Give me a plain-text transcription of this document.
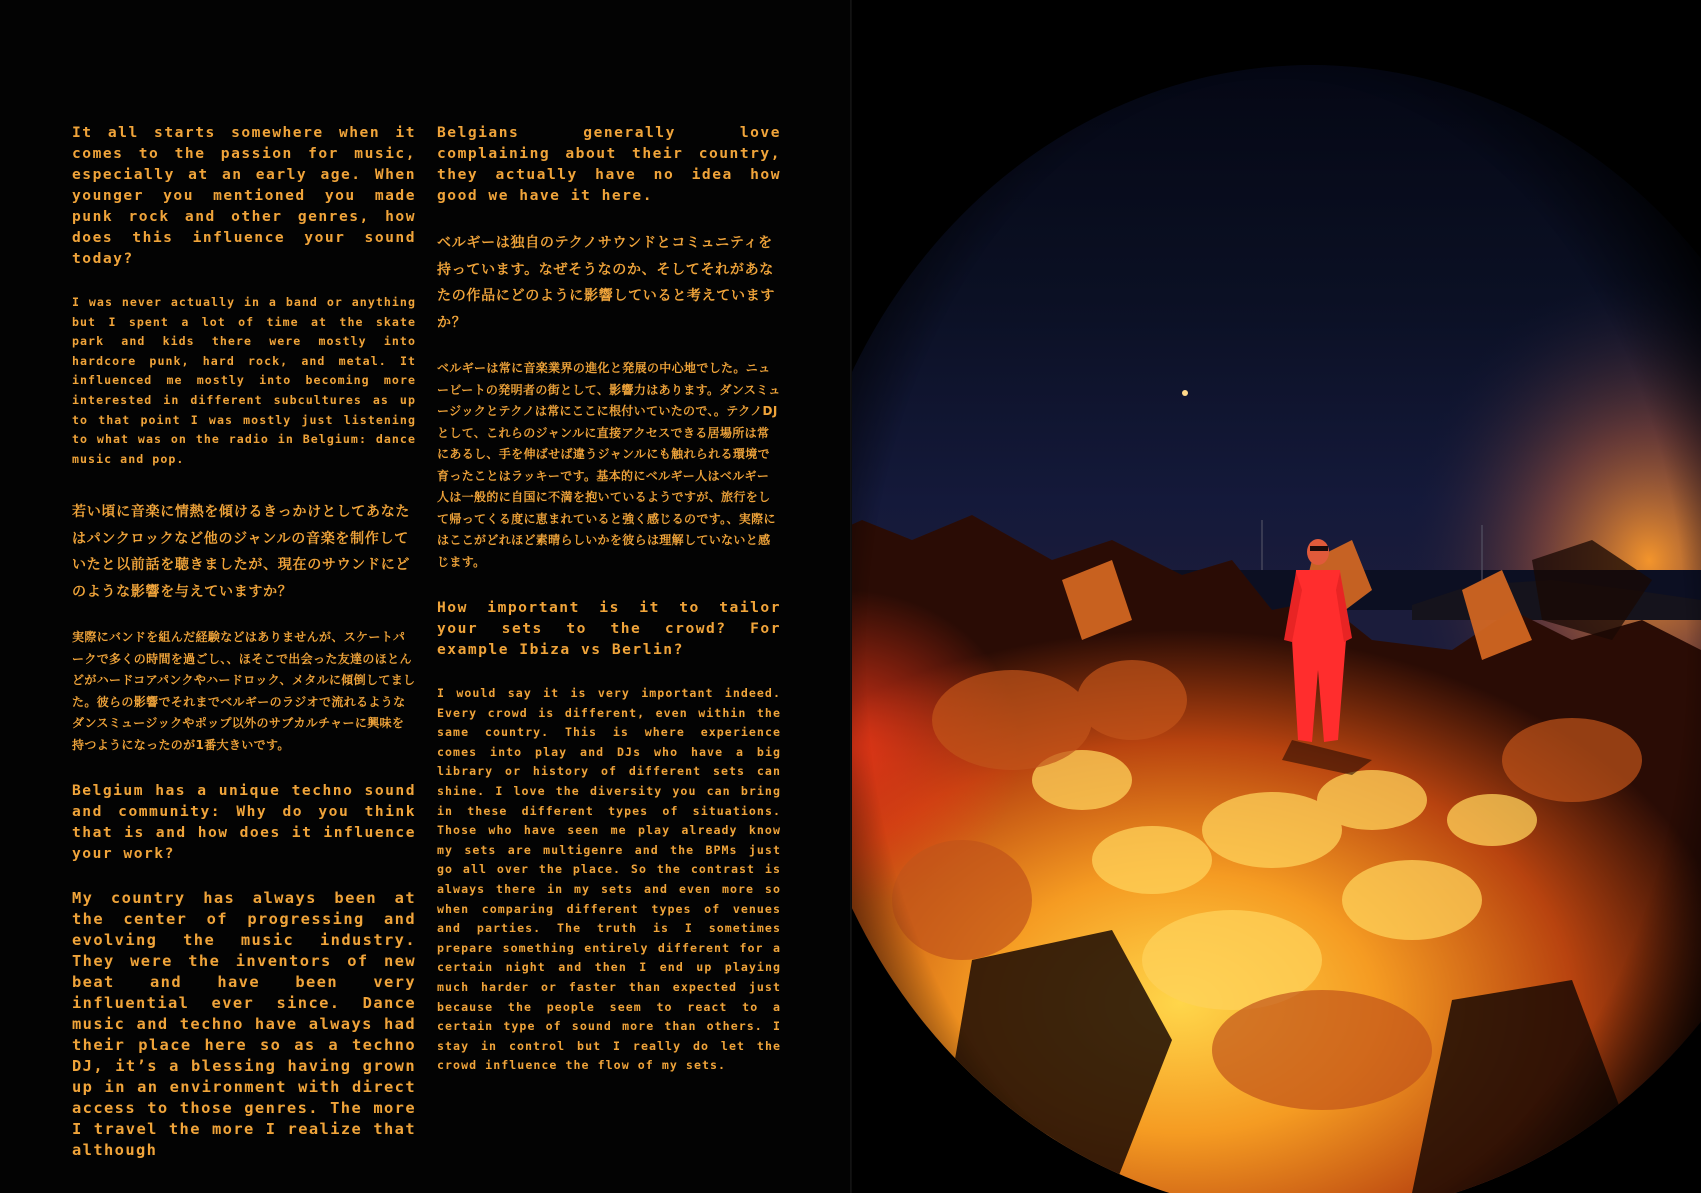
It all starts somewhere when it comes to the passion for music, especially at an early age. When younger you mentioned you made punk rock and other genres, how does this influence your sound today?

I was never actually in a band or anything but I spent a lot of time at the skate park and kids there were mostly into hardcore punk, hard rock, and metal. It influenced me mostly into becoming more interested in different subcultures as up to that point I was mostly just listening to what was on the radio in Belgium: dance music and pop.

若い頃に音楽に情熱を傾けるきっかけとしてあなたはパンクロックなど他のジャンルの音楽を制作していたと以前話を聴きましたが、現在のサウンドにどのような影響を与えていますか？

実際にバンドを組んだ経験などはありませんが、スケートパークで多くの時間を過ごし、、ほそこで出会った友達のほとんどがハードコアパンクやハードロック、メタルに傾倒してました。彼らの影響でそれまでベルギーのラジオで流れるようなダンスミュージックやポップ以外のサブカルチャーに興味を持つようになったのが1番大きいです。

Belgium has a unique techno sound and community: Why do you think that is and how does it influence your work?

My country has always been at the center of progressing and evolving the music industry. They were the inventors of new beat and have been very influential ever since. Dance music and techno have always had their place here so as a techno DJ, it’s a blessing having grown up in an environment with direct access to those genres. The more I travel the more I realize that although

Belgians generally love complaining about their country, they actually have no idea how good we have it here.

ベルギーは独自のテクノサウンドとコミュニティを持っています。なぜそうなのか、そしてそれがあなたの作品にどのように影響していると考えていますか？

ベルギーは常に音楽業界の進化と発展の中心地でした。ニュービートの発明者の街として、影響力はあります。ダンスミュージックとテクノは常にここに根付いていたので、。テクノDJとして、これらのジャンルに直接アクセスできる居場所は常にあるし、手を伸ばせば違うジャンルにも触れられる環境で育ったことはラッキーです。基本的にベルギー人はベルギー人は一般的に自国に不満を抱いているようですが、旅行をして帰ってくる度に恵まれていると強く感じるのです。、実際にはここがどれほど素晴らしいかを彼らは理解していないと感じます。

How important is it to tailor your sets to the crowd? For example Ibiza vs Berlin?

I would say it is very important indeed. Every crowd is different, even within the same country. This is where experience comes into play and DJs who have a big library or history of different sets can shine. I love the diversity you can bring in these different types of situations. Those who have seen me play already know my sets are multigenre and the BPMs just go all over the place. So the contrast is always there in my sets and even more so when comparing different types of venues and parties. The truth is I sometimes prepare something entirely different for a certain night and then I end up playing much harder or faster than expected just because the people seem to react to a certain type of sound more than others. I stay in control but I really do let the crowd influence the flow of my sets.
